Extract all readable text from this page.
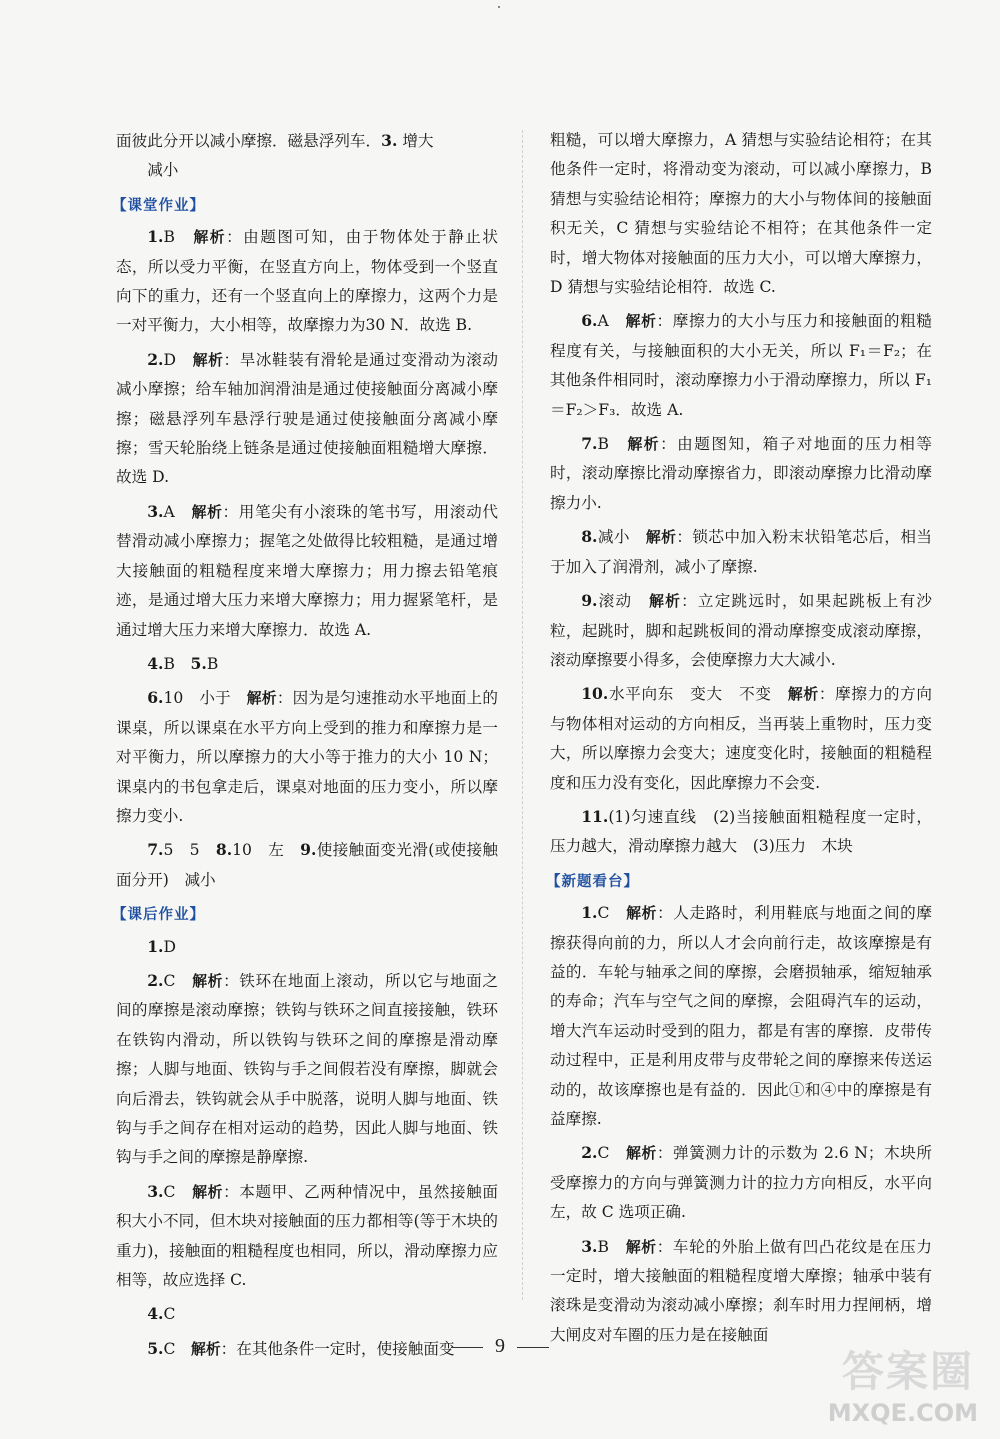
面彼此分开以减小摩擦．磁悬浮列车．3. 增大
减小

【课堂作业】

1.B　 解析：由题图可知，由于物体处于静止状态，所以受力平衡，在竖直方向上，物体受到一个竖直向下的重力，还有一个竖直向上的摩擦力，这两个力是一对平衡力，大小相等，故摩擦力为30 N．故选 B.

2.D　 解析：旱冰鞋装有滑轮是通过变滑动为滚动减小摩擦；给车轴加润滑油是通过使接触面分离减小摩擦；磁悬浮列车悬浮行驶是通过使接触面分离减小摩擦；雪天轮胎绕上链条是通过使接触面粗糙增大摩擦．故选 D.

3.A　 解析：用笔尖有小滚珠的笔书写，用滚动代替滑动减小摩擦力；握笔之处做得比较粗糙，是通过增大接触面的粗糙程度来增大摩擦力；用力擦去铅笔痕迹，是通过增大压力来增大摩擦力；用力握紧笔杆，是通过增大压力来增大摩擦力．故选 A.

4.B　 5.B

6.10　小于　 解析：因为是匀速推动水平地面上的课桌，所以课桌在水平方向上受到的推力和摩擦力是一对平衡力，所以摩擦力的大小等于推力的大小 10 N；课桌内的书包拿走后，课桌对地面的压力变小，所以摩擦力变小.

7.5　5　 8.10　左　 9.使接触面变光滑(或使接触面分开)　减小

【课后作业】

1.D

2.C　 解析：铁环在地面上滚动，所以它与地面之间的摩擦是滚动摩擦；铁钩与铁环之间直接接触，铁环在铁钩内滑动，所以铁钩与铁环之间的摩擦是滑动摩擦；人脚与地面、铁钩与手之间假若没有摩擦，脚就会向后滑去，铁钩就会从手中脱落，说明人脚与地面、铁钩与手之间存在相对运动的趋势，因此人脚与地面、铁钩与手之间的摩擦是静摩擦.

3.C　 解析：本题甲、乙两种情况中，虽然接触面积大小不同，但木块对接触面的压力都相等(等于木块的重力)，接触面的粗糙程度也相同，所以，滑动摩擦力应相等，故应选择 C.

4.C

5.C　 解析：在其他条件一定时，使接触面变

粗糙，可以增大摩擦力，A 猜想与实验结论相符；在其他条件一定时，将滑动变为滚动，可以减小摩擦力，B 猜想与实验结论相符；摩擦力的大小与物体间的接触面积无关，C 猜想与实验结论不相符；在其他条件一定时，增大物体对接触面的压力大小，可以增大摩擦力，D 猜想与实验结论相符．故选 C.

6.A　 解析：摩擦力的大小与压力和接触面的粗糙程度有关，与接触面积的大小无关，所以 F₁＝F₂；在其他条件相同时，滚动摩擦力小于滑动摩擦力，所以 F₁＝F₂＞F₃．故选 A.

7.B　 解析：由题图知，箱子对地面的压力相等时，滚动摩擦比滑动摩擦省力，即滚动摩擦力比滑动摩擦力小.

8.减小　 解析：锁芯中加入粉末状铅笔芯后，相当于加入了润滑剂，减小了摩擦.

9.滚动　 解析：立定跳远时，如果起跳板上有沙粒，起跳时，脚和起跳板间的滑动摩擦变成滚动摩擦，滚动摩擦要小得多，会使摩擦力大大减小.

10.水平向东　变大　不变　 解析：摩擦力的方向与物体相对运动的方向相反，当再装上重物时，压力变大，所以摩擦力会变大；速度变化时，接触面的粗糙程度和压力没有变化，因此摩擦力不会变.

11.(1)匀速直线　(2)当接触面粗糙程度一定时，压力越大，滑动摩擦力越大　(3)压力　木块

【新题看台】

1.C　 解析：人走路时，利用鞋底与地面之间的摩擦获得向前的力，所以人才会向前行走，故该摩擦是有益的．车轮与轴承之间的摩擦，会磨损轴承，缩短轴承的寿命；汽车与空气之间的摩擦，会阻碍汽车的运动，增大汽车运动时受到的阻力，都是有害的摩擦．皮带传动过程中，正是利用皮带与皮带轮之间的摩擦来传送运动的，故该摩擦也是有益的．因此①和④中的摩擦是有益摩擦.

2.C　 解析：弹簧测力计的示数为 2.6 N；木块所受摩擦力的方向与弹簧测力计的拉力方向相反，水平向左，故 C 选项正确.

3.B　 解析：车轮的外胎上做有凹凸花纹是在压力一定时，增大接触面的粗糙程度增大摩擦；轴承中装有滚珠是变滑动为滚动减小摩擦；刹车时用力捏闸柄，增大闸皮对车圈的压力是在接触面

9
答案圈
MXQE.COM
